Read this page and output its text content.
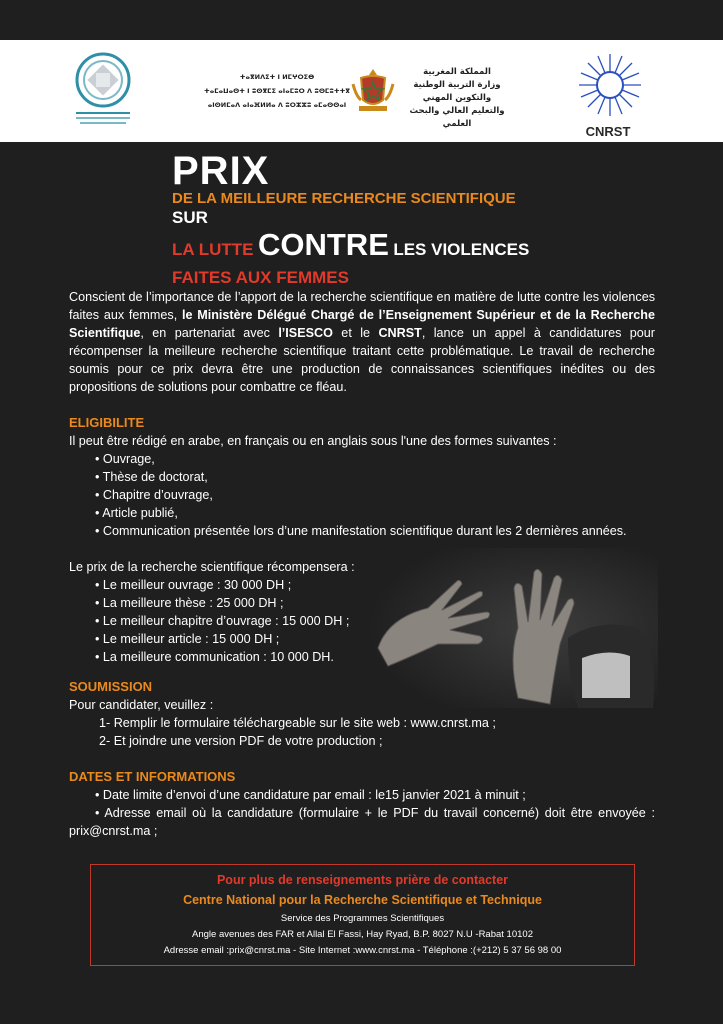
ⵜⴰⴳⵍⴷⵉⵜ ⵏ ⵍⵎⵖⵔⵉⴱ
ⵜⴰⵎⴰⵡⴰⵙⵜ ⵏ ⵓⵙⴳⵎⵉ ⴰⵏⴰⵎⵓⵔ ⴷ ⵓⵙⵎⵓⵜⵜⴳ
ⴰⵏⵙⵍⵎⴰⴷ ⴰⵏⴰⴼⵍⵍⴰ ⴷ ⵓⵔⵣⵣⵓ ⴰⵎⴰⵙⵙⴰⵏ
المملكة المغربية
وزارة التربية الوطنية والتكوين المهني
والتعليم العالي والبحث العلمي	CNRST
PRIX
DE LA MEILLEURE RECHERCHE SCIENTIFIQUE
SUR
LA LUTTE CONTRE LES VIOLENCES
FAITES AUX FEMMES

Conscient de l’importance de l’apport de la recherche scientifique en matière de lutte contre les violences faites aux femmes, le Ministère Délégué Chargé de l’Enseignement Supérieur et de la Recherche Scientifique, en partenariat avec l’ISESCO et le CNRST, lance un appel à candidatures pour récompenser la meilleure recherche scientifique traitant cette problématique. Le travail de recherche soumis pour ce prix devra être une production de connaissances scientifiques inédites ou des propositions de solutions pour combattre ce fléau.

ELIGIBILITE

Il peut être rédigé en arabe, en français ou en anglais sous l'une des formes suivantes :

• Ouvrage,
• Thèse de doctorat,
• Chapitre d’ouvrage,
• Article publié,

• Communication présentée lors d’une manifestation scientifique durant les 2 dernières années.

Le prix de la recherche scientifique récompensera :

• Le meilleur ouvrage : 30 000 DH ;
• La meilleure thèse : 25 000 DH ;
• Le meilleur chapitre d’ouvrage : 15 000 DH ;
• Le meilleur article : 15 000 DH ;
• La meilleure communication : 10 000 DH.

SOUMISSION

Pour candidater, veuillez :

1- Remplir le formulaire téléchargeable sur le site web : www.cnrst.ma ;
2- Et joindre une version PDF de votre production ;

DATES ET INFORMATIONS

• Date limite d’envoi d’une candidature par email : le15 janvier 2021 à minuit ;

• Adresse email où la candidature (formulaire + le PDF du travail concerné) doit être envoyée : prix@cnrst.ma ;

Pour plus de renseignements prière de contacter
Centre National pour la Recherche Scientifique et Technique
Service des Programmes Scientifiques
Angle avenues des FAR et Allal El Fassi, Hay Ryad, B.P. 8027 N.U -Rabat 10102
Adresse email :prix@cnrst.ma - Site Internet :www.cnrst.ma - Téléphone :(+212) 5 37 56 98 00
